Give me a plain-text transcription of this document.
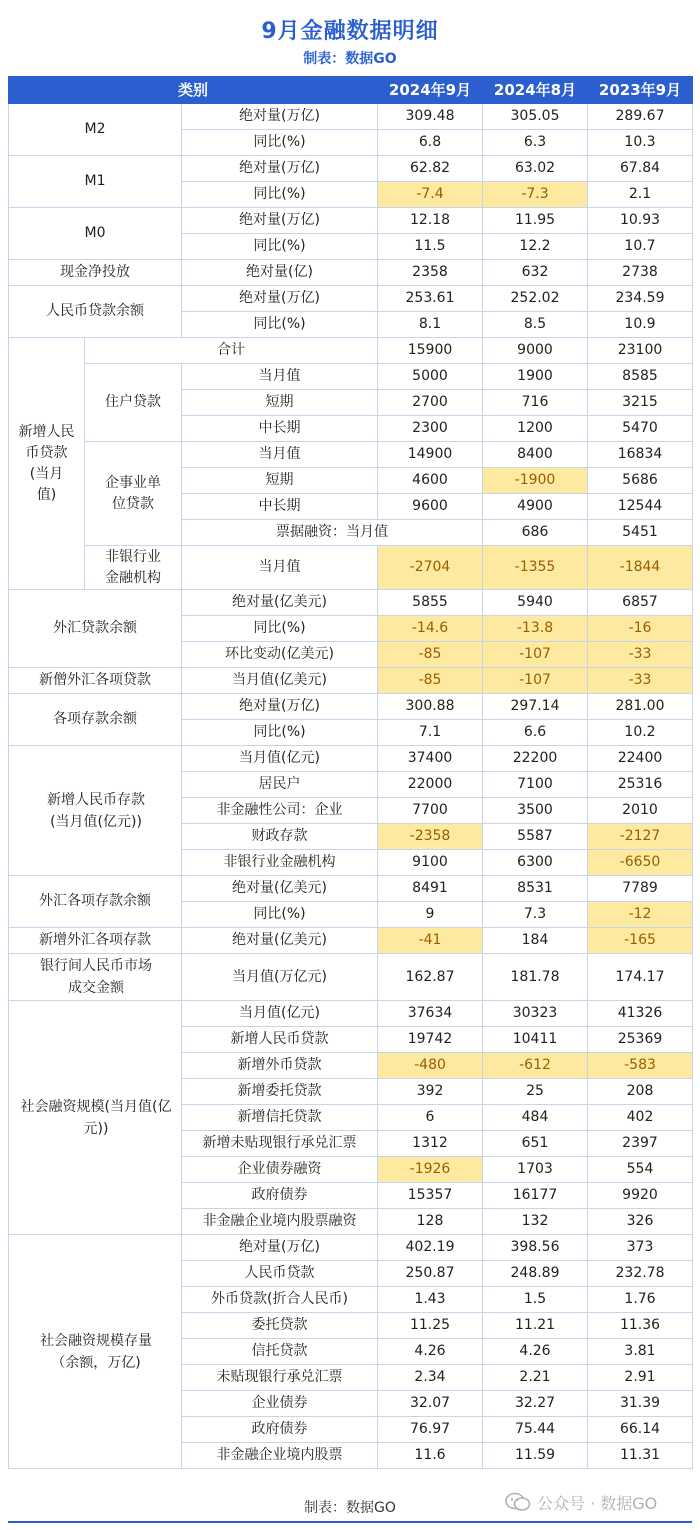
9月金融数据明细
制表：数据GO
类别			2024年9月	2024年8月	2023年9月	
M2		绝对量(万亿)	309.48	305.05	289.67	
		同比(%)	6.8	6.3	10.3	
M1		绝对量(万亿)	62.82	63.02	67.84	
		同比(%)	-7.4	-7.3	2.1	
M0		绝对量(万亿)	12.18	11.95	10.93	
		同比(%)	11.5	12.2	10.7	
现金净投放		绝对量(亿)	2358	632	2738	
人民币贷款余额		绝对量(万亿)	253.61	252.02	234.59	
		同比(%)	8.1	8.5	10.9	
新增人民
币贷款
(当月
值)	合计		15900	9000	23100	
	住户贷款	当月值	5000	1900	8585	
		短期	2700	716	3215	
		中长期	2300	1200	5470	
	企事业单
位贷款	当月值	14900	8400	16834	
		短期	4600	-1900	5686	
		中长期	9600	4900	12544	
		票据融资：当月值		686	5451	
	非银行业
金融机构	当月值	-2704	-1355	-1844	
外汇贷款余额		绝对量(亿美元)	5855	5940	6857	
		同比(%)	-14.6	-13.8	-16	
		环比变动(亿美元)	-85	-107	-33	
新僧外汇各项贷款		当月值(亿美元)	-85	-107	-33	
各项存款余额		绝对量(万亿)	300.88	297.14	281.00	
		同比(%)	7.1	6.6	10.2	
新增人民币存款
(当月值(亿元))		当月值(亿元)	37400	22200	22400	
		居民户	22000	7100	25316	
		非金融性公司：企业	7700	3500	2010	
		财政存款	-2358	5587	-2127	
		非银行业金融机构	9100	6300	-6650	
外汇各项存款余额		绝对量(亿美元)	8491	8531	7789	
		同比(%)	9	7.3	-12	
新增外汇各项存款		绝对量(亿美元)	-41	184	-165	
银行间人民币市场
成交金额		当月值(万亿元)	162.87	181.78	174.17	
社会融资规模(当月值(亿
元))		当月值(亿元)	37634	30323	41326	
		新增人民币贷款	19742	10411	25369	
		新增外币贷款	-480	-612	-583	
		新增委托贷款	392	25	208	
		新增信托贷款	6	484	402	
		新增未贴现银行承兑汇票	1312	651	2397	
		企业债券融资	-1926	1703	554	
		政府债券	15357	16177	9920	
		非金融企业境内股票融资	128	132	326	
社会融资规模存量
（余额，万亿)		绝对量(万亿)	402.19	398.56	373	
		人民币贷款	250.87	248.89	232.78	
		外币贷款(折合人民币)	1.43	1.5	1.76	
		委托贷款	11.25	11.21	11.36	
		信托贷款	4.26	4.26	3.81	
		未贴现银行承兑汇票	2.34	2.21	2.91	
		企业债券	32.07	32.27	31.39	
		政府债券	76.97	75.44	66.14	
		非金融企业境内股票	11.6	11.59	11.31	
制表：数据GO	公众号 · 数据GO
